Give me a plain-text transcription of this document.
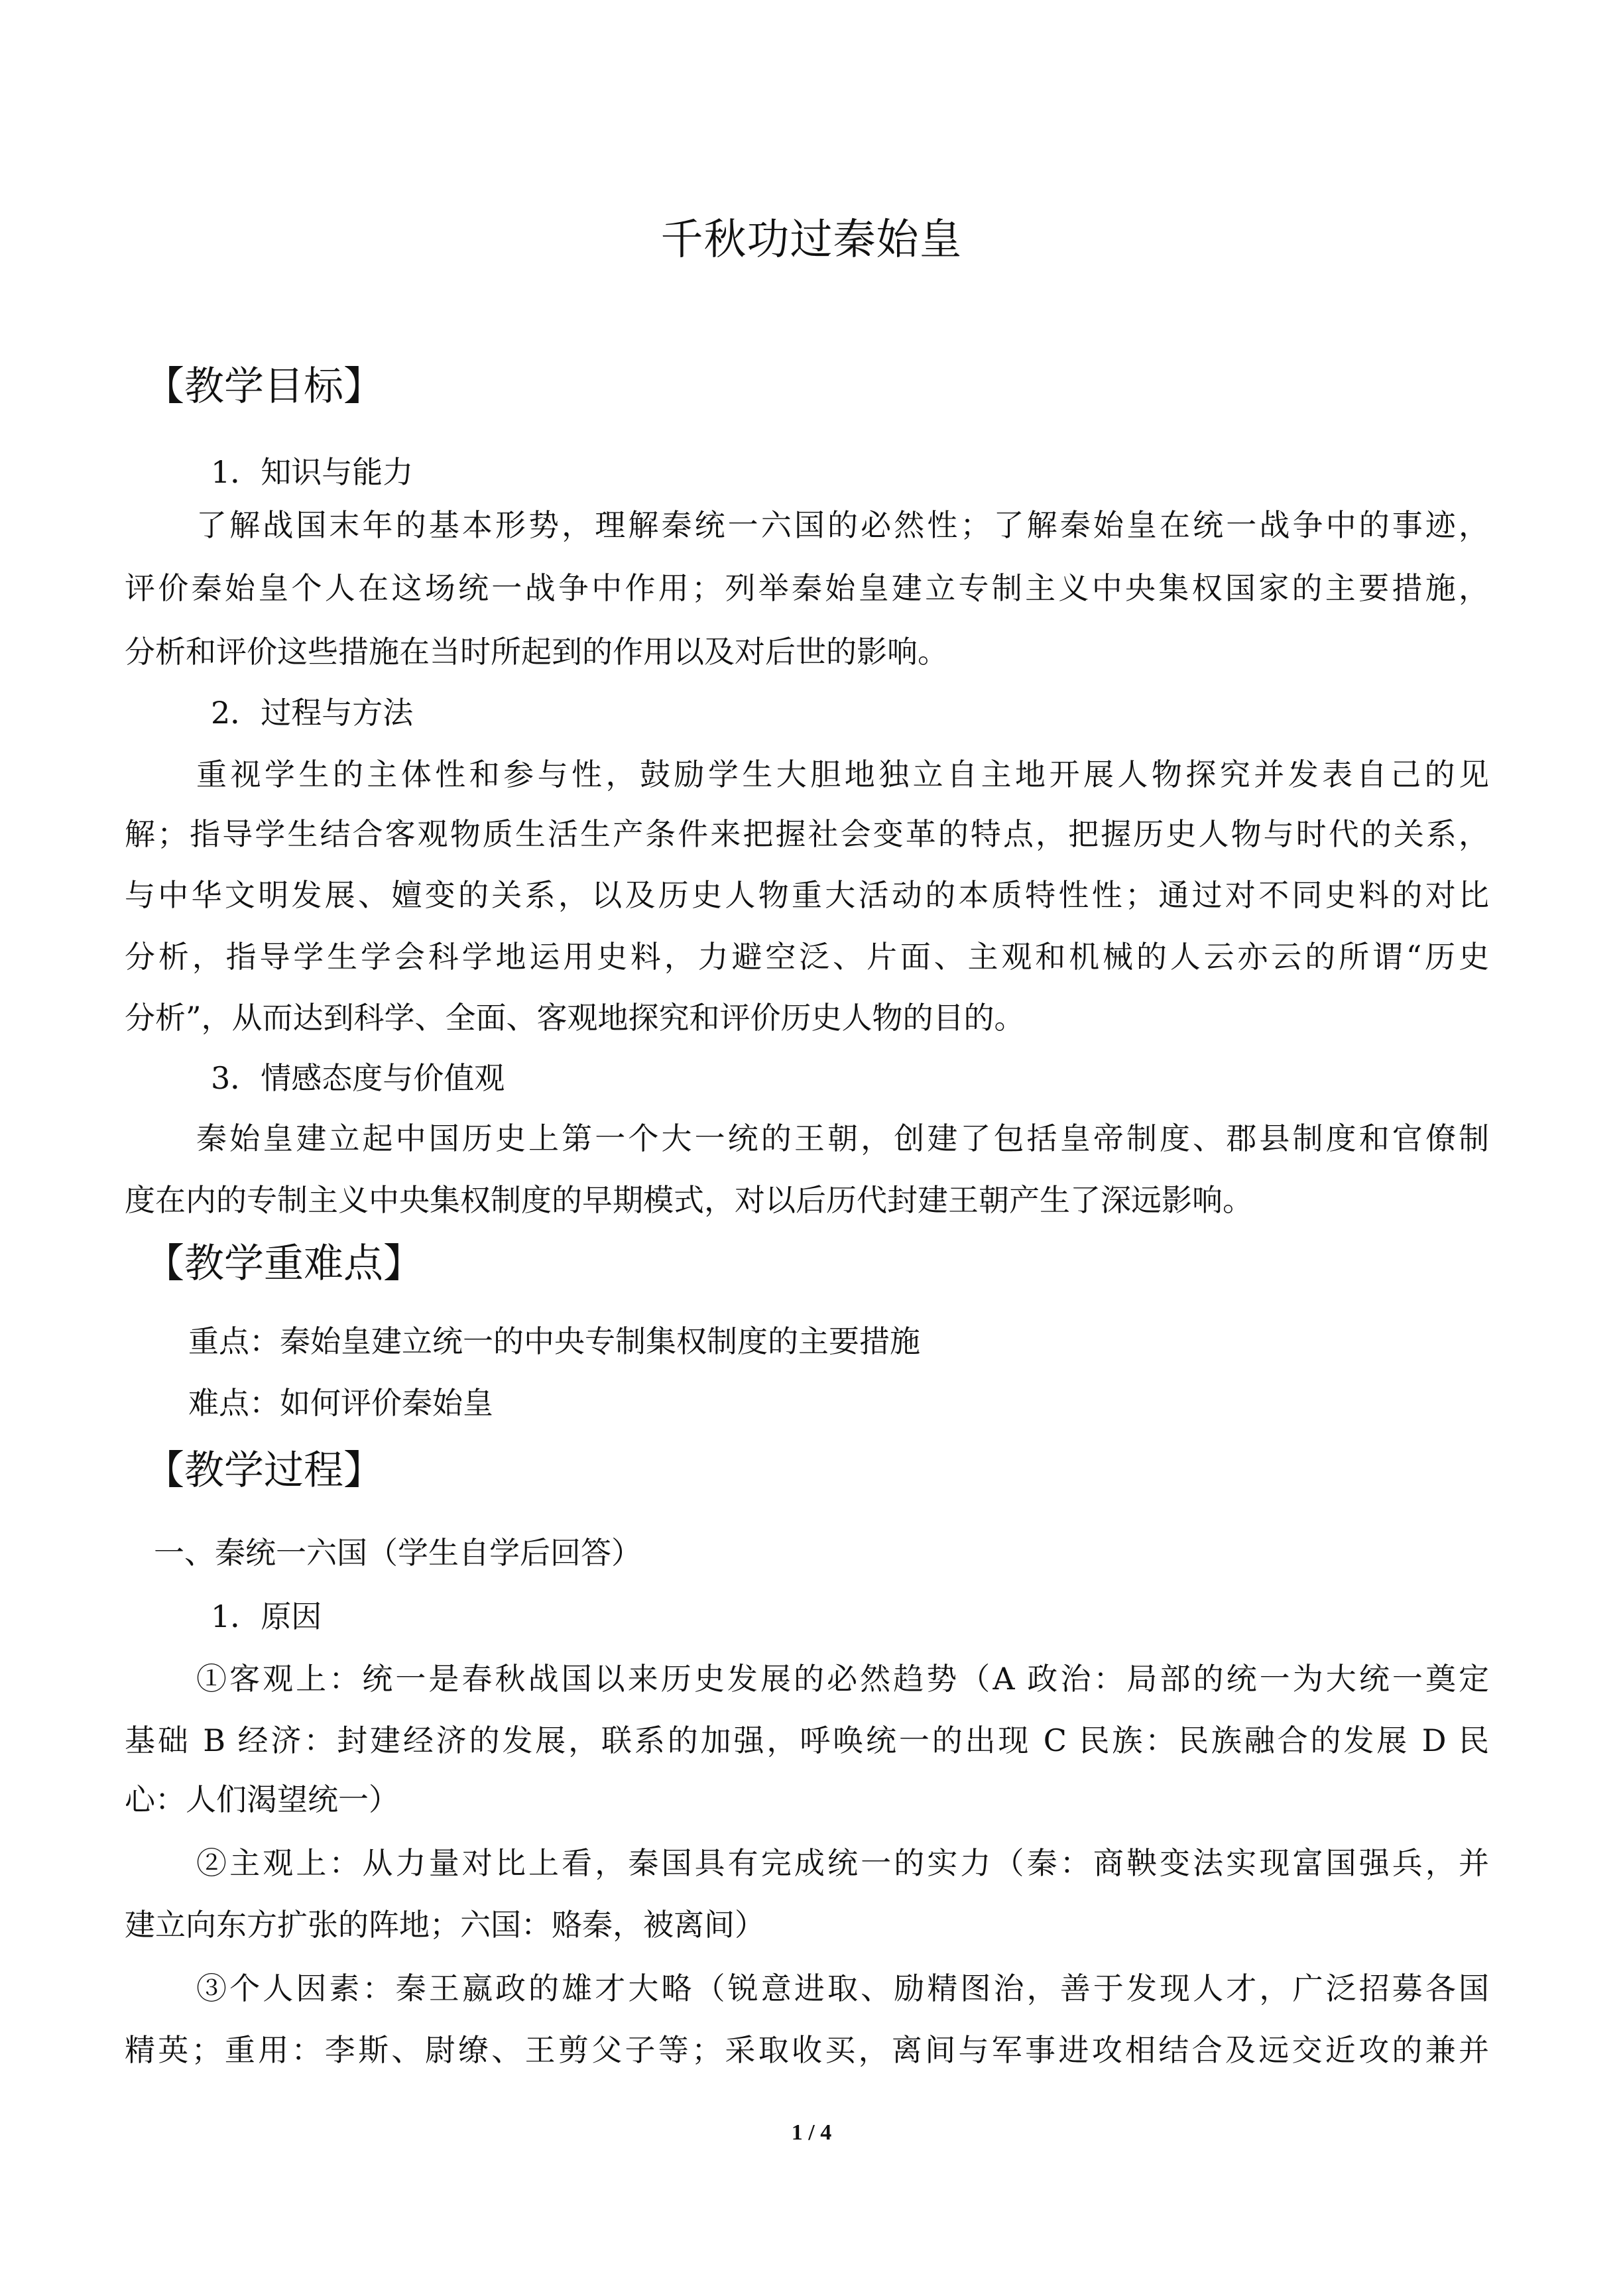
千秋功过秦始皇
【教学目标】
1．知识与能力
了解战国末年的基本形势，理解秦统一六国的必然性；了解秦始皇在统一战争中的事迹，
评价秦始皇个人在这场统一战争中作用；列举秦始皇建立专制主义中央集权国家的主要措施，
分析和评价这些措施在当时所起到的作用以及对后世的影响。
2．过程与方法
重视学生的主体性和参与性，鼓励学生大胆地独立自主地开展人物探究并发表自己的见
解；指导学生结合客观物质生活生产条件来把握社会变革的特点，把握历史人物与时代的关系，
与中华文明发展、嬗变的关系，以及历史人物重大活动的本质特性性；通过对不同史料的对比
分析，指导学生学会科学地运用史料，力避空泛、片面、主观和机械的人云亦云的所谓“历史
分析”，从而达到科学、全面、客观地探究和评价历史人物的目的。
3．情感态度与价值观
秦始皇建立起中国历史上第一个大一统的王朝，创建了包括皇帝制度、郡县制度和官僚制
度在内的专制主义中央集权制度的早期模式，对以后历代封建王朝产生了深远影响。
【教学重难点】
重点：秦始皇建立统一的中央专制集权制度的主要措施
难点：如何评价秦始皇
【教学过程】
一、秦统一六国（学生自学后回答）
1．原因
①客观上：统一是春秋战国以来历史发展的必然趋势（A 政治：局部的统一为大统一奠定
基础 B 经济：封建经济的发展，联系的加强，呼唤统一的出现 C 民族：民族融合的发展 D 民
心：人们渴望统一）
②主观上：从力量对比上看，秦国具有完成统一的实力（秦：商鞅变法实现富国强兵，并
建立向东方扩张的阵地；六国：赂秦，被离间）
③个人因素：秦王嬴政的雄才大略（锐意进取、励精图治，善于发现人才，广泛招募各国
精英；重用：李斯、尉缭、王剪父子等；采取收买，离间与军事进攻相结合及远交近攻的兼并
1 / 4
